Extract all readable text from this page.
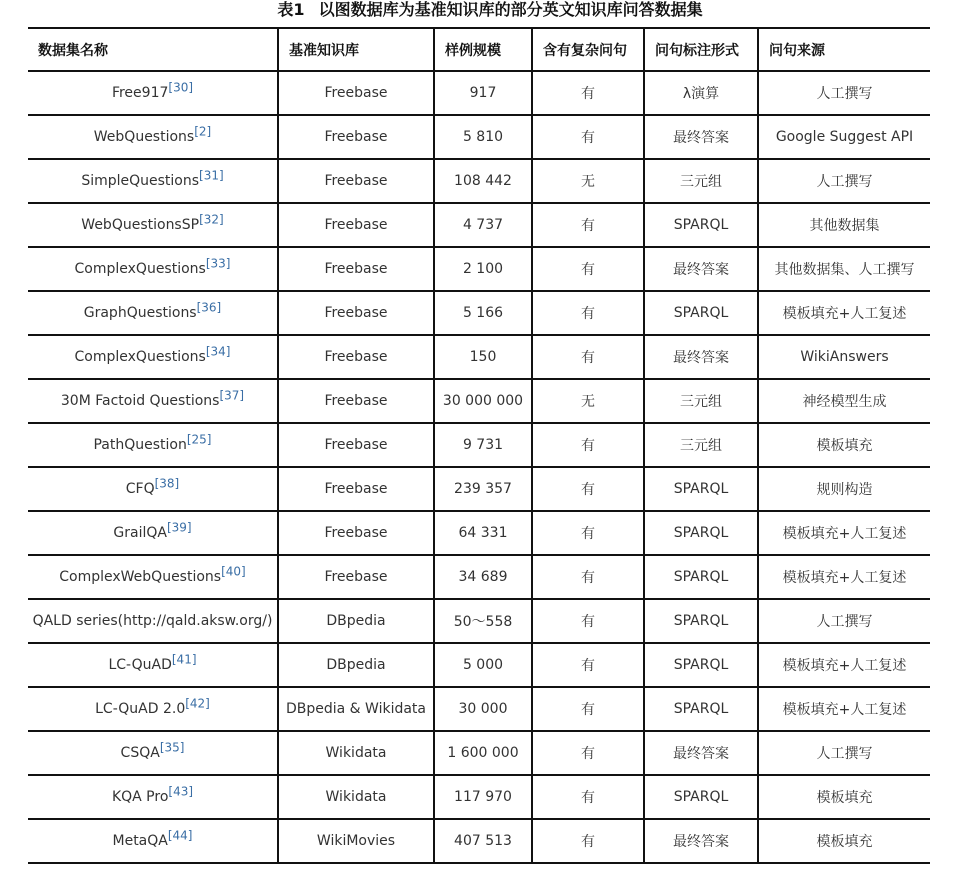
表1 以图数据库为基准知识库的部分英文知识库问答数据集
数据集名称	基准知识库	样例规模	含有复杂问句	问句标注形式	问句来源
Free917[30]	Freebase	917	有	λ演算	人工撰写
WebQuestions[2]	Freebase	5 810	有	最终答案	Google Suggest API
SimpleQuestions[31]	Freebase	108 442	无	三元组	人工撰写
WebQuestionsSP[32]	Freebase	4 737	有	SPARQL	其他数据集
ComplexQuestions[33]	Freebase	2 100	有	最终答案	其他数据集、人工撰写
GraphQuestions[36]	Freebase	5 166	有	SPARQL	模板填充+人工复述
ComplexQuestions[34]	Freebase	150	有	最终答案	WikiAnswers
30M Factoid Questions[37]	Freebase	30 000 000	无	三元组	神经模型生成
PathQuestion[25]	Freebase	9 731	有	三元组	模板填充
CFQ[38]	Freebase	239 357	有	SPARQL	规则构造
GrailQA[39]	Freebase	64 331	有	SPARQL	模板填充+人工复述
ComplexWebQuestions[40]	Freebase	34 689	有	SPARQL	模板填充+人工复述
QALD series(http://qald.aksw.org/)	DBpedia	50～558	有	SPARQL	人工撰写
LC-QuAD[41]	DBpedia	5 000	有	SPARQL	模板填充+人工复述
LC-QuAD 2.0[42]	DBpedia & Wikidata	30 000	有	SPARQL	模板填充+人工复述
CSQA[35]	Wikidata	1 600 000	有	最终答案	人工撰写
KQA Pro[43]	Wikidata	117 970	有	SPARQL	模板填充
MetaQA[44]	WikiMovies	407 513	有	最终答案	模板填充
